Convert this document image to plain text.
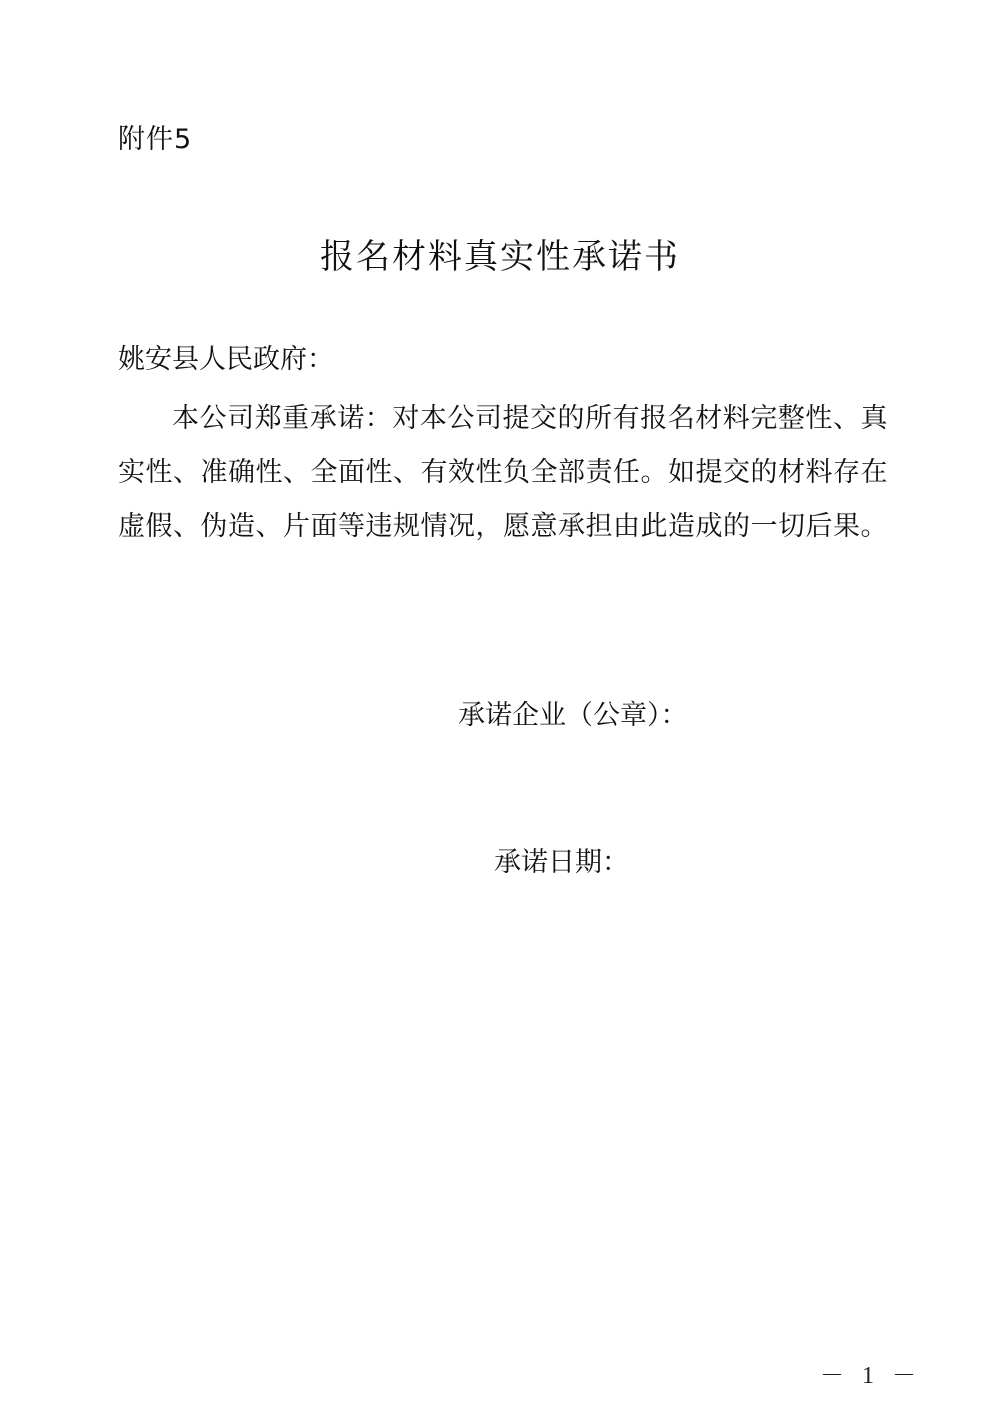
附件5
报名材料真实性承诺书
姚安县人民政府：

本公司郑重承诺：对本公司提交的所有报名材料完整性、真实性、准确性、全面性、有效性负全部责任。如提交的材料存在虚假、伪造、片面等违规情况，愿意承担由此造成的一切后果。

承诺企业（公章）：
承诺日期：
－ 1 －
